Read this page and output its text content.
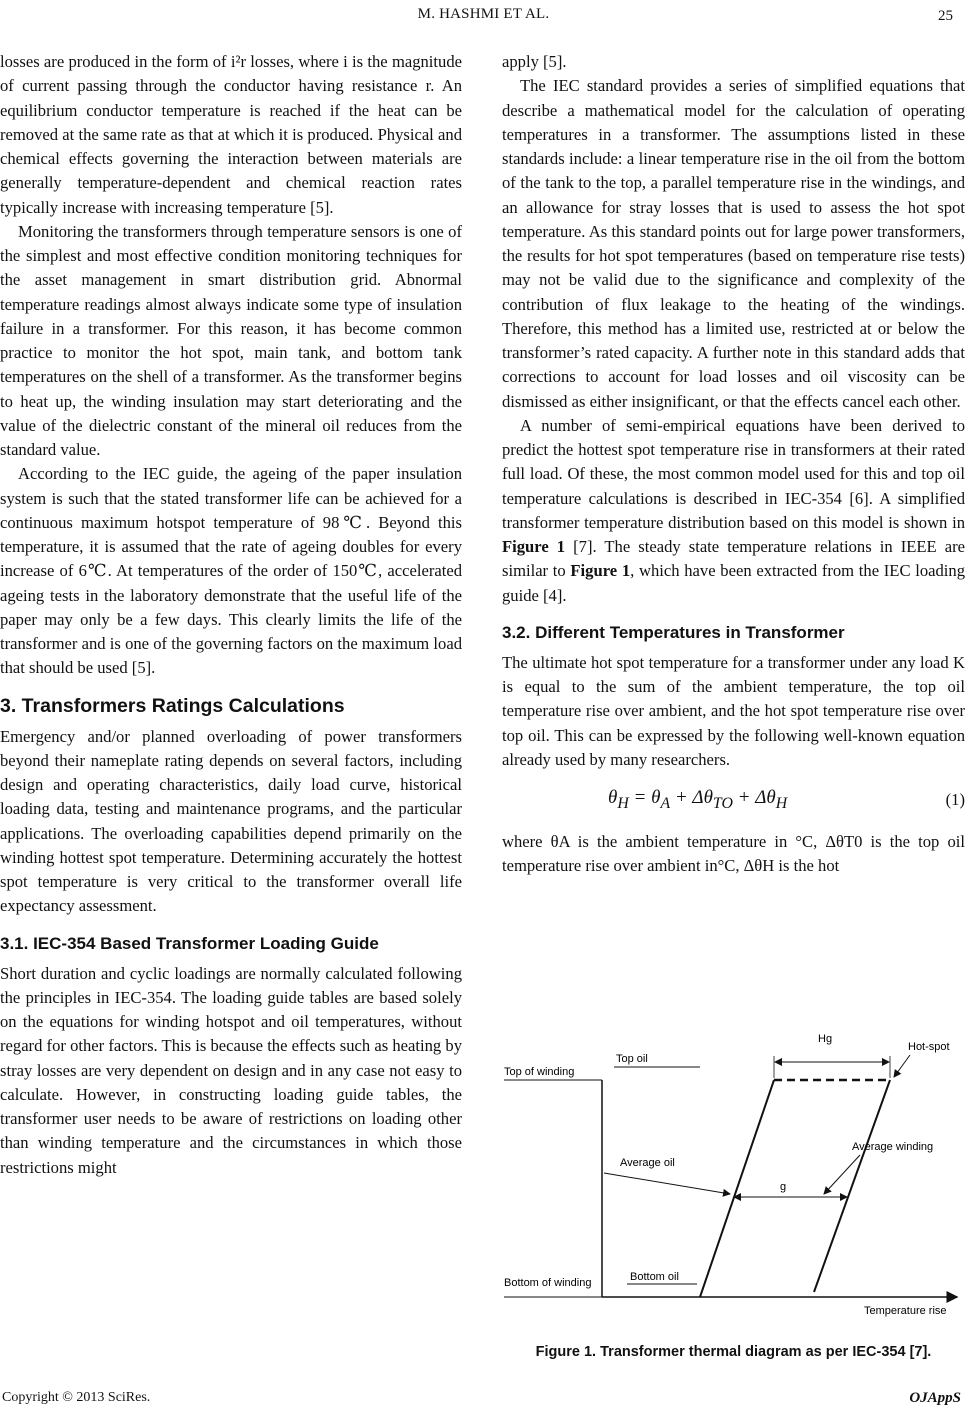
M. HASHMI ET AL.	25

losses are produced in the form of i²r losses, where i is the magnitude of current passing through the conductor having resistance r. An equilibrium conductor temperature is reached if the heat can be removed at the same rate as that at which it is produced. Physical and chemical effects governing the interaction between materials are generally temperature-dependent and chemical reaction rates typically increase with increasing temperature [5].

Monitoring the transformers through temperature sensors is one of the simplest and most effective condition monitoring techniques for the asset management in smart distribution grid. Abnormal temperature readings almost always indicate some type of insulation failure in a transformer. For this reason, it has become common practice to monitor the hot spot, main tank, and bottom tank temperatures on the shell of a transformer. As the transformer begins to heat up, the winding insulation may start deteriorating and the value of the dielectric constant of the mineral oil reduces from the standard value.

According to the IEC guide, the ageing of the paper insulation system is such that the stated transformer life can be achieved for a continuous maximum hotspot temperature of 98℃. Beyond this temperature, it is assumed that the rate of ageing doubles for every increase of 6℃. At temperatures of the order of 150℃, accelerated ageing tests in the laboratory demonstrate that the useful life of the paper may only be a few days. This clearly limits the life of the transformer and is one of the governing factors on the maximum load that should be used [5].

3. Transformers Ratings Calculations

Emergency and/or planned overloading of power transformers beyond their nameplate rating depends on several factors, including design and operating characteristics, daily load curve, historical loading data, testing and maintenance programs, and the particular applications. The overloading capabilities depend primarily on the winding hottest spot temperature. Determining accurately the hottest spot temperature is very critical to the transformer overall life expectancy assessment.

3.1. IEC-354 Based Transformer Loading Guide

Short duration and cyclic loadings are normally calculated following the principles in IEC-354. The loading guide tables are based solely on the equations for winding hotspot and oil temperatures, without regard for other factors. This is because the effects such as heating by stray losses are very dependent on design and in any case not easy to calculate. However, in constructing loading guide tables, the transformer user needs to be aware of restrictions on loading other than winding temperature and the circumstances in which those restrictions might

apply [5].

The IEC standard provides a series of simplified equations that describe a mathematical model for the calculation of operating temperatures in a transformer. The assumptions listed in these standards include: a linear temperature rise in the oil from the bottom of the tank to the top, a parallel temperature rise in the windings, and an allowance for stray losses that is used to assess the hot spot temperature. As this standard points out for large power transformers, the results for hot spot temperatures (based on temperature rise tests) may not be valid due to the significance and complexity of the contribution of flux leakage to the heating of the windings. Therefore, this method has a limited use, restricted at or below the transformer’s rated capacity. A further note in this standard adds that corrections to account for load losses and oil viscosity can be dismissed as either insignificant, or that the effects cancel each other.

A number of semi-empirical equations have been derived to predict the hottest spot temperature rise in transformers at their rated full load. Of these, the most common model used for this and top oil temperature calculations is described in IEC-354 [6]. A simplified transformer temperature distribution based on this model is shown in Figure 1 [7]. The steady state temperature relations in IEEE are similar to Figure 1, which have been extracted from the IEC loading guide [4].

3.2. Different Temperatures in Transformer

The ultimate hot spot temperature for a transformer under any load K is equal to the sum of the ambient temperature, the top oil temperature rise over ambient, and the hot spot temperature rise over top oil. This can be expressed by the following well-known equation already used by many researchers.

$\theta_H = \theta_A + \Delta\theta_{TO} + \Delta\theta_H$	(1)

where θA is the ambient temperature in °C, ΔθT0 is the top oil temperature rise over ambient in°C, ΔθH is the hot

Hg
Hot-spot
Top of winding
Top oil
Average winding
Average oil
g
Bottom of winding	Bottom oil
Temperature rise
Figure 1. Transformer thermal diagram as per IEC-354 [7].
Copyright © 2013 SciRes.	OJAppS
